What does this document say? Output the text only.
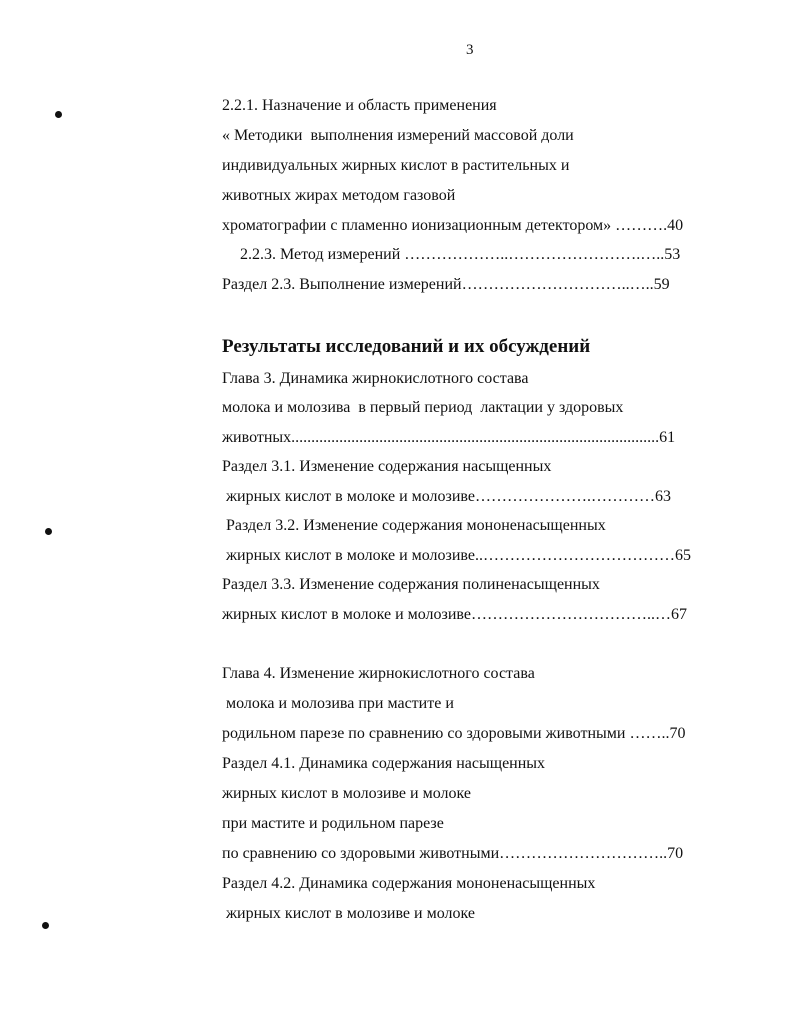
3
2.2.1. Назначение и область применения
« Методики  выполнения измерений массовой доли
индивидуальных жирных кислот в растительных и
животных жирах методом газовой
хроматографии с пламенно ионизационным детектором» ……….40
2.2.3. Метод измерений ………………..…………………….…..53
Раздел 2.3. Выполнение измерений…………………………..…..59
Результаты исследований и их обсуждений
Глава 3. Динамика жирнокислотного состава
молока и молозива  в первый период  лактации у здоровых
животных............................................................................................61
Раздел 3.1. Изменение содержания насыщенных
жирных кислот в молоке и молозиве………………….…………63
Раздел 3.2. Изменение содержания мононенасыщенных
жирных кислот в молоке и молозиве..………………………………65
Раздел 3.3. Изменение содержания полиненасыщенных
жирных кислот в молоке и молозиве……………………………..…67
Глава 4. Изменение жирнокислотного состава
молока и молозива при мастите и
родильном парезе по сравнению со здоровыми животными ……..70
Раздел 4.1. Динамика содержания насыщенных
жирных кислот в молозиве и молоке
при мастите и родильном парезе
по сравнению со здоровыми животными…………………………..70
Раздел 4.2. Динамика содержания мононенасыщенных
жирных кислот в молозиве и молоке
